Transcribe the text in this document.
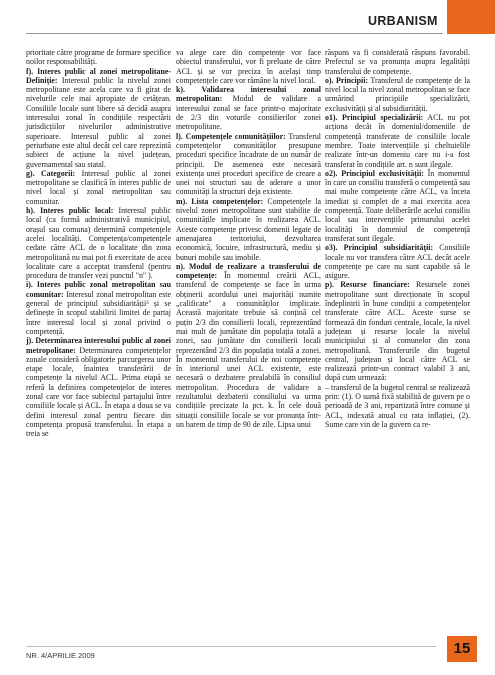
URBANISM

prioritate către programe de formare specifice noilor responsabilități.

f). Interes public al zonei metropolitane-Definiție: Interesul public la nivelul zonei metropolitane este acela care va fi gírat de nivelurile cele mai apropiate de cetățean. Consiliile locale sunt libere să decidă asupra interesului zonal în condițiile respectării jurisdicțiilor nivelurilor administrative superioare. Interesul public al zonei periurbane este altul decât cel care reprezintă subiect de acțiune la nivel județean, guvernamental sau statal.

g). Categorii: Interesul public al zonei metropolitane se clasifică în interes public de nivel local și zonal metropolitan sau comunitar.

h). Interes public local: Interesul public local (ca formă administrativă municipiul, orașul sau comuna) determină competențele acelei localități. Competența/competențele cedate către ACL de o localitate din zona metropolitană nu mai pot fi exercitate de acea localitate care a acceptat transferul (pentru procedura de transfer vezi punctul "n" ).

i). Interes public zonal metropolitan sau comunitar: Interesul zonal metropolitan este general de principiul subsidiarității³ și se definește în scopul stabilirii limitei de partaj între interesul local și zonal privind o competență.

j). Determinarea interesului public al zonei metropolitane: Determinarea competențelor zonale consideră obligatorie parcurgerea unor etape locale, înaintea transferării de competențe la nivelul ACL. Prima etapă se referă la definirea competențelor de interes zonal care vor face subiectul partajului între consiliile locale și ACL. În etapa a doua se va defini interesul zonal pentru fiecare din competența propusă transferului. În etapa a treia se

va alege care din competențe vor face obiectul transferului, vor fi preluate de către ACL și se vor preciza în același timp competențele care vor rămâne la nivel local.

k). Validarea interesului zonal metropolitan: Modul de validare a interesului zonal se face printr-o majoritate de 2/3 din voturile consilierilor zonei metropolitane.

l). Competențele comunitățiilor: Transferul competențelor comunităților presupune proceduri specifice încadrate de un număr de principii. De asemenea este necesară existența unei proceduri specifice de creare a unei noi structuri sau de aderare a unor comunități la structuri deja existente.

m). Lista competențelor: Competențele la nivelul zonei metropolitane sunt stabilite de comunitățile implicate în realizarea ACL. Aceste competențe privesc domenii legate de amenajarea teritoriului, dezvoltarea economică, locuire, infrastructură, mediu și bunuri mobile sau imobile.

n). Modul de realizare a transferului de competențe: În momentul creării ACL, transferul de competențe se face în urma obținerii acordului unei majorități numite „calificate" a comunităților implicate. Această majoritate trebuie să conțină cel puțin 2/3 din consilierii locali, reprezentând mai mult de jumătate din populația totală a zonei, sau jumătate din consilierii locali reprezentând 2/3 din populația totală a zonei. În momentul transferului de noi competențe în interiorul unei ACL existente, este necesară o dezbatere prealabilă în consiliul metropolitan. Procedura de validare a rezultatului dezbaterii consiliului va urma condițiile precizate la pct. k. În cele două situații consiliile locale se vor pronunța într-un barem de timp de 90 de zile. Lipsa unui

răspuns va fi considerată răspuns favorabil. Prefectul se va pronunța asupra legalității transferului de competențe.

o). Principii: Transferul de competențe de la nivel local la nivel zonal metropolitan se face urmărind principiile specializării, exclusivității și al subsidiarității.

o1). Principiul specializării: ACL nu pot acționa decât în domeniul/domeniile de competență transferate de consiliile locale membre. Toate intervențiile și cheltuielile realizate într-un domeniu care nu i-a fost transferat în condițiile art. n sunt ilegale.

o2). Principiul exclusivității: În momentul în care un consiliu transferă o competență sau mai multe competențe către ACL, va înceta imediat și complet de a mai exercita acea competență. Toate deliberările acelui consiliu local sau intervențiile primarului acelei localități în domeniul de competență transferat sunt ilegale.

o3). Principiul subsidiarității: Consiliile locale nu vor transfera către ACL decât acele competențe pe care nu sunt capabile să le asigure.

p). Resurse financiare: Resursele zonei metropolitane sunt direcționate în scopul îndeplinirii în bune condiții a competențelor transferate către ACL. Aceste surse se formează din fonduri centrale, locale, la nivel județean și resurse locale la nivelul municipiului și al comunelor din zona metropolitană. Transferurile din bugetul central, județean și local către ACL se realizează printr-un contract valabil 3 ani, după cum urmează:

– transferul de la bugetul central se realizează prin: (1). O sumă fixă stabilită de guvern pe o perioadă de 3 ani, repartizată între comune și ACL, indexată anual cu rata inflației, (2). Sume care vin de la guvern ca re-

NR. 4/APRILIE 2009	15
